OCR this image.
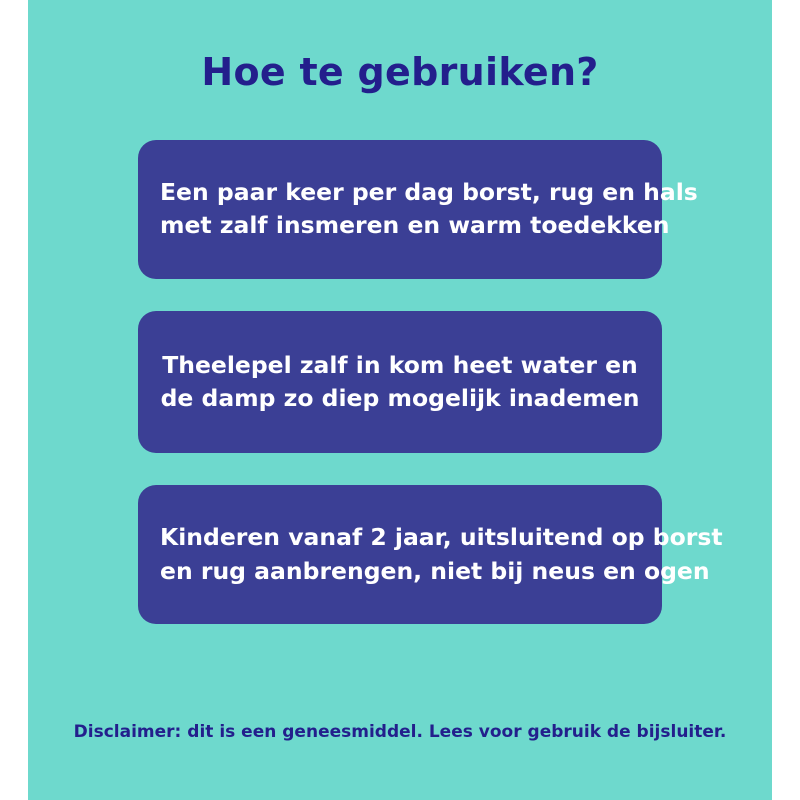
Hoe te gebruiken?
Een paar keer per dag borst, rug en hals
met zalf insmeren en warm toedekken
Theelepel zalf in kom heet water en
de damp zo diep mogelijk inademen
Kinderen vanaf 2 jaar, uitsluitend op borst
en rug aanbrengen, niet bij neus en ogen
Disclaimer: dit is een geneesmiddel. Lees voor gebruik de bijsluiter.
